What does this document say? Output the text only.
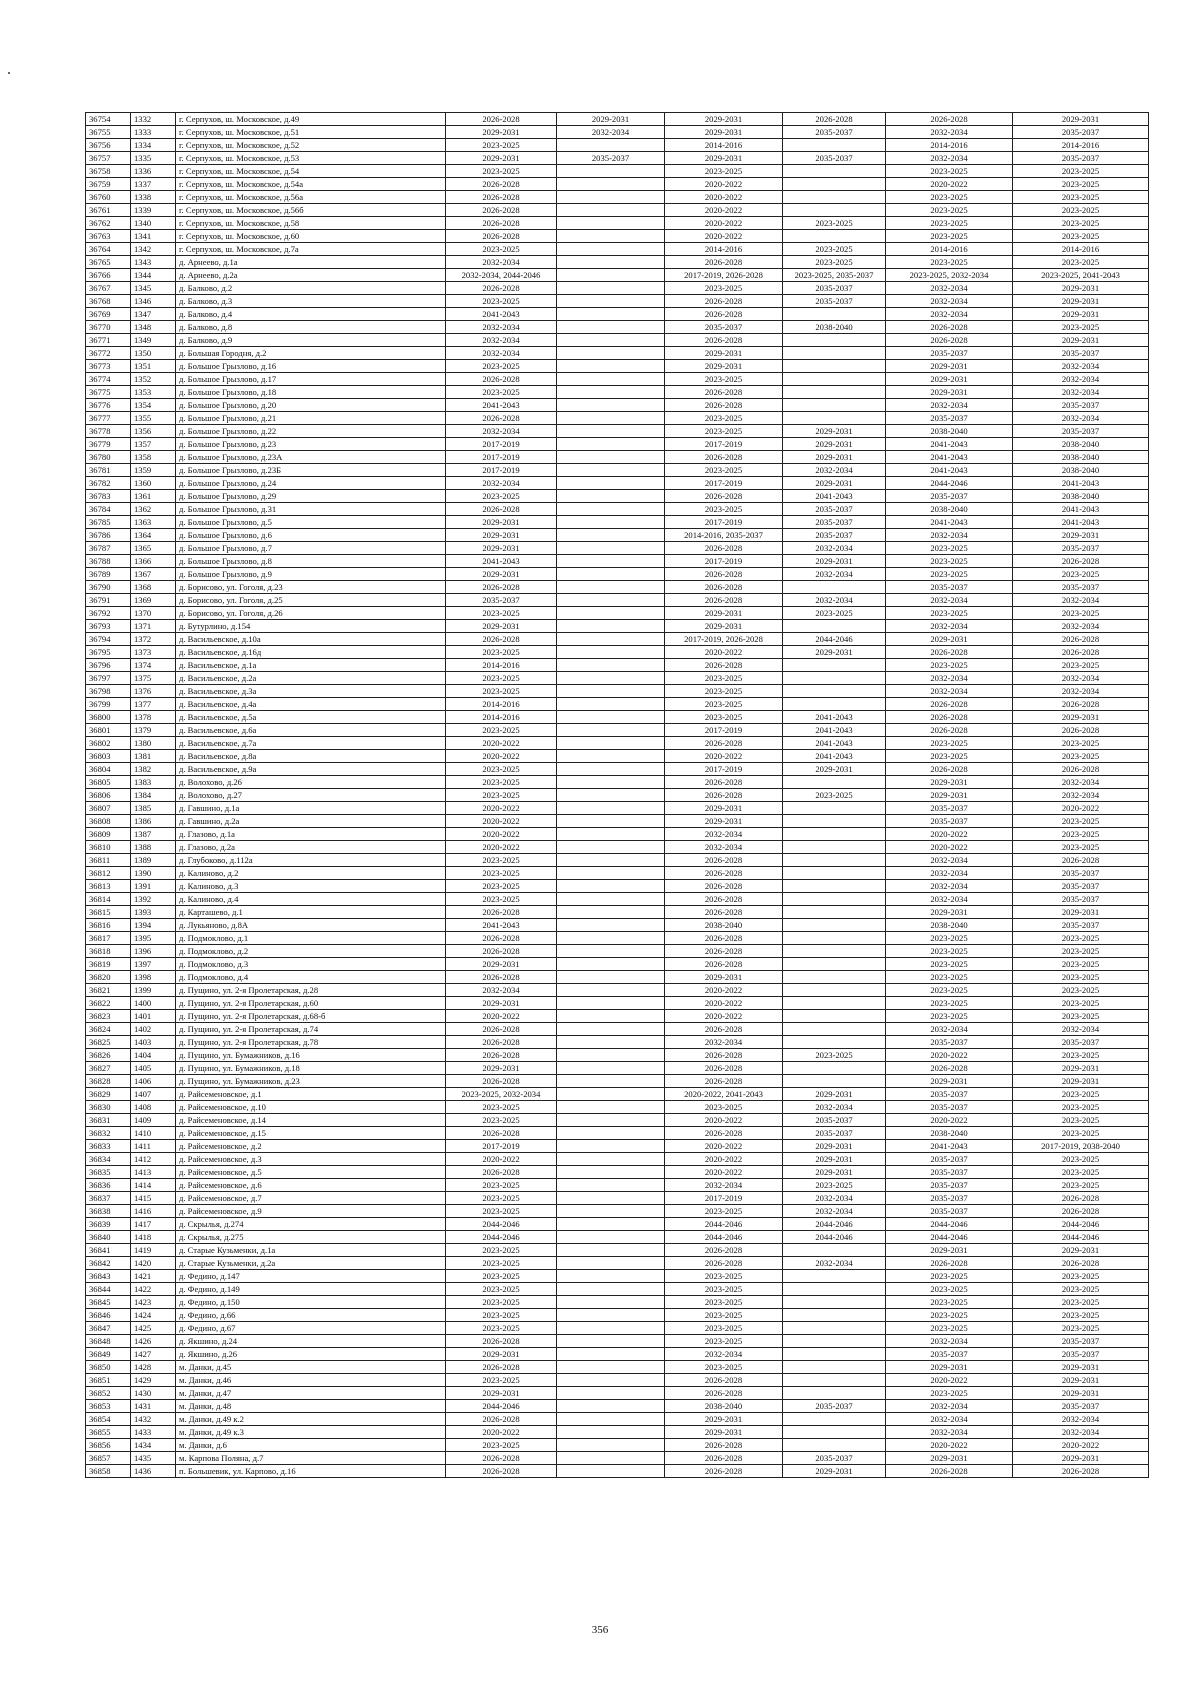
36754	1332	г. Серпухов, ш. Московское, д.49	2026-2028	2029-2031	2029-2031	2026-2028	2026-2028	2029-2031
36755	1333	г. Серпухов, ш. Московское, д.51	2029-2031	2032-2034	2029-2031	2035-2037	2032-2034	2035-2037
36756	1334	г. Серпухов, ш. Московское, д.52	2023-2025		2014-2016		2014-2016	2014-2016
36757	1335	г. Серпухов, ш. Московское, д.53	2029-2031	2035-2037	2029-2031	2035-2037	2032-2034	2035-2037
36758	1336	г. Серпухов, ш. Московское, д.54	2023-2025		2023-2025		2023-2025	2023-2025
36759	1337	г. Серпухов, ш. Московское, д.54а	2026-2028		2020-2022		2020-2022	2023-2025
36760	1338	г. Серпухов, ш. Московское, д.56а	2026-2028		2020-2022		2023-2025	2023-2025
36761	1339	г. Серпухов, ш. Московское, д.56б	2026-2028		2020-2022		2023-2025	2023-2025
36762	1340	г. Серпухов, ш. Московское, д.58	2026-2028		2020-2022	2023-2025	2023-2025	2023-2025
36763	1341	г. Серпухов, ш. Московское, д.60	2026-2028		2020-2022		2023-2025	2023-2025
36764	1342	г. Серпухов, ш. Московское, д.7а	2023-2025		2014-2016	2023-2025	2014-2016	2014-2016
36765	1343	д. Арнеево, д.1а	2032-2034		2026-2028	2023-2025	2023-2025	2023-2025
36766	1344	д. Арнеево, д.2а	2032-2034, 2044-2046		2017-2019, 2026-2028	2023-2025, 2035-2037	2023-2025, 2032-2034	2023-2025, 2041-2043
36767	1345	д. Балково, д.2	2026-2028		2023-2025	2035-2037	2032-2034	2029-2031
36768	1346	д. Балково, д.3	2023-2025		2026-2028	2035-2037	2032-2034	2029-2031
36769	1347	д. Балково, д.4	2041-2043		2026-2028		2032-2034	2029-2031
36770	1348	д. Балково, д.8	2032-2034		2035-2037	2038-2040	2026-2028	2023-2025
36771	1349	д. Балково, д.9	2032-2034		2026-2028		2026-2028	2029-2031
36772	1350	д. Большая Городня, д.2	2032-2034		2029-2031		2035-2037	2035-2037
36773	1351	д. Большое Грызлово, д.16	2023-2025		2029-2031		2029-2031	2032-2034
36774	1352	д. Большое Грызлово, д.17	2026-2028		2023-2025		2029-2031	2032-2034
36775	1353	д. Большое Грызлово, д.18	2023-2025		2026-2028		2029-2031	2032-2034
36776	1354	д. Большое Грызлово, д.20	2041-2043		2026-2028		2032-2034	2035-2037
36777	1355	д. Большое Грызлово, д.21	2026-2028		2023-2025		2035-2037	2032-2034
36778	1356	д. Большое Грызлово, д.22	2032-2034		2023-2025	2029-2031	2038-2040	2035-2037
36779	1357	д. Большое Грызлово, д.23	2017-2019		2017-2019	2029-2031	2041-2043	2038-2040
36780	1358	д. Большое Грызлово, д.23А	2017-2019		2026-2028	2029-2031	2041-2043	2038-2040
36781	1359	д. Большое Грызлово, д.23Б	2017-2019		2023-2025	2032-2034	2041-2043	2038-2040
36782	1360	д. Большое Грызлово, д.24	2032-2034		2017-2019	2029-2031	2044-2046	2041-2043
36783	1361	д. Большое Грызлово, д.29	2023-2025		2026-2028	2041-2043	2035-2037	2038-2040
36784	1362	д. Большое Грызлово, д.31	2026-2028		2023-2025	2035-2037	2038-2040	2041-2043
36785	1363	д. Большое Грызлово, д.5	2029-2031		2017-2019	2035-2037	2041-2043	2041-2043
36786	1364	д. Большое Грызлово, д.6	2029-2031		2014-2016, 2035-2037	2035-2037	2032-2034	2029-2031
36787	1365	д. Большое Грызлово, д.7	2029-2031		2026-2028	2032-2034	2023-2025	2035-2037
36788	1366	д. Большое Грызлово, д.8	2041-2043		2017-2019	2029-2031	2023-2025	2026-2028
36789	1367	д. Большое Грызлово, д.9	2029-2031		2026-2028	2032-2034	2023-2025	2023-2025
36790	1368	д. Борисово, ул. Гоголя, д.23	2026-2028		2026-2028		2035-2037	2035-2037
36791	1369	д. Борисово, ул. Гоголя, д.25	2035-2037		2026-2028	2032-2034	2032-2034	2032-2034
36792	1370	д. Борисово, ул. Гоголя, д.26	2023-2025		2029-2031	2023-2025	2023-2025	2023-2025
36793	1371	д. Бутурлино, д.154	2029-2031		2029-2031		2032-2034	2032-2034
36794	1372	д. Васильевское, д.10а	2026-2028		2017-2019, 2026-2028	2044-2046	2029-2031	2026-2028
36795	1373	д. Васильевское, д.16д	2023-2025		2020-2022	2029-2031	2026-2028	2026-2028
36796	1374	д. Васильевское, д.1а	2014-2016		2026-2028		2023-2025	2023-2025
36797	1375	д. Васильевское, д.2а	2023-2025		2023-2025		2032-2034	2032-2034
36798	1376	д. Васильевское, д.3а	2023-2025		2023-2025		2032-2034	2032-2034
36799	1377	д. Васильевское, д.4а	2014-2016		2023-2025		2026-2028	2026-2028
36800	1378	д. Васильевское, д.5а	2014-2016		2023-2025	2041-2043	2026-2028	2029-2031
36801	1379	д. Васильевское, д.6а	2023-2025		2017-2019	2041-2043	2026-2028	2026-2028
36802	1380	д. Васильевское, д.7а	2020-2022		2026-2028	2041-2043	2023-2025	2023-2025
36803	1381	д. Васильевское, д.8а	2020-2022		2020-2022	2041-2043	2023-2025	2023-2025
36804	1382	д. Васильевское, д.9а	2023-2025		2017-2019	2029-2031	2026-2028	2026-2028
36805	1383	д. Волохово, д.26	2023-2025		2026-2028		2029-2031	2032-2034
36806	1384	д. Волохово, д.27	2023-2025		2026-2028	2023-2025	2029-2031	2032-2034
36807	1385	д. Гавшино, д.1а	2020-2022		2029-2031		2035-2037	2020-2022
36808	1386	д. Гавшино, д.2а	2020-2022		2029-2031		2035-2037	2023-2025
36809	1387	д. Глазово, д.1а	2020-2022		2032-2034		2020-2022	2023-2025
36810	1388	д. Глазово, д.2а	2020-2022		2032-2034		2020-2022	2023-2025
36811	1389	д. Глубоково, д.112а	2023-2025		2026-2028		2032-2034	2026-2028
36812	1390	д. Калиново, д.2	2023-2025		2026-2028		2032-2034	2035-2037
36813	1391	д. Калиново, д.3	2023-2025		2026-2028		2032-2034	2035-2037
36814	1392	д. Калиново, д.4	2023-2025		2026-2028		2032-2034	2035-2037
36815	1393	д. Карташево, д.1	2026-2028		2026-2028		2029-2031	2029-2031
36816	1394	д. Лукьяново, д.8А	2041-2043		2038-2040		2038-2040	2035-2037
36817	1395	д. Подмоклово, д.1	2026-2028		2026-2028		2023-2025	2023-2025
36818	1396	д. Подмоклово, д.2	2026-2028		2026-2028		2023-2025	2023-2025
36819	1397	д. Подмоклово, д.3	2029-2031		2026-2028		2023-2025	2023-2025
36820	1398	д. Подмоклово, д.4	2026-2028		2029-2031		2023-2025	2023-2025
36821	1399	д. Пущино, ул. 2-я Пролетарская, д.28	2032-2034		2020-2022		2023-2025	2023-2025
36822	1400	д. Пущино, ул. 2-я Пролетарская, д.60	2029-2031		2020-2022		2023-2025	2023-2025
36823	1401	д. Пущино, ул. 2-я Пролетарская, д.68-б	2020-2022		2020-2022		2023-2025	2023-2025
36824	1402	д. Пущино, ул. 2-я Пролетарская, д.74	2026-2028		2026-2028		2032-2034	2032-2034
36825	1403	д. Пущино, ул. 2-я Пролетарская, д.78	2026-2028		2032-2034		2035-2037	2035-2037
36826	1404	д. Пущино, ул. Бумажников, д.16	2026-2028		2026-2028	2023-2025	2020-2022	2023-2025
36827	1405	д. Пущино, ул. Бумажников, д.18	2029-2031		2026-2028		2026-2028	2029-2031
36828	1406	д. Пущино, ул. Бумажников, д.23	2026-2028		2026-2028		2029-2031	2029-2031
36829	1407	д. Райсеменовское, д.1	2023-2025, 2032-2034		2020-2022, 2041-2043	2029-2031	2035-2037	2023-2025
36830	1408	д. Райсеменовское, д.10	2023-2025		2023-2025	2032-2034	2035-2037	2023-2025
36831	1409	д. Райсеменовское, д.14	2023-2025		2020-2022	2035-2037	2020-2022	2023-2025
36832	1410	д. Райсеменовское, д.15	2026-2028		2026-2028	2035-2037	2038-2040	2023-2025
36833	1411	д. Райсеменовское, д.2	2017-2019		2020-2022	2029-2031	2041-2043	2017-2019, 2038-2040
36834	1412	д. Райсеменовское, д.3	2020-2022		2020-2022	2029-2031	2035-2037	2023-2025
36835	1413	д. Райсеменовское, д.5	2026-2028		2020-2022	2029-2031	2035-2037	2023-2025
36836	1414	д. Райсеменовское, д.6	2023-2025		2032-2034	2023-2025	2035-2037	2023-2025
36837	1415	д. Райсеменовское, д.7	2023-2025		2017-2019	2032-2034	2035-2037	2026-2028
36838	1416	д. Райсеменовское, д.9	2023-2025		2023-2025	2032-2034	2035-2037	2026-2028
36839	1417	д. Скрылья, д.274	2044-2046		2044-2046	2044-2046	2044-2046	2044-2046
36840	1418	д. Скрылья, д.275	2044-2046		2044-2046	2044-2046	2044-2046	2044-2046
36841	1419	д. Старые Кузьменки, д.1а	2023-2025		2026-2028		2029-2031	2029-2031
36842	1420	д. Старые Кузьменки, д.2а	2023-2025		2026-2028	2032-2034	2026-2028	2026-2028
36843	1421	д. Федино, д.147	2023-2025		2023-2025		2023-2025	2023-2025
36844	1422	д. Федино, д.149	2023-2025		2023-2025		2023-2025	2023-2025
36845	1423	д. Федино, д.150	2023-2025		2023-2025		2023-2025	2023-2025
36846	1424	д. Федино, д.66	2023-2025		2023-2025		2023-2025	2023-2025
36847	1425	д. Федино, д.67	2023-2025		2023-2025		2023-2025	2023-2025
36848	1426	д. Якшино, д.24	2026-2028		2023-2025		2032-2034	2035-2037
36849	1427	д. Якшино, д.26	2029-2031		2032-2034		2035-2037	2035-2037
36850	1428	м. Данки, д.45	2026-2028		2023-2025		2029-2031	2029-2031
36851	1429	м. Данки, д.46	2023-2025		2026-2028		2020-2022	2029-2031
36852	1430	м. Данки, д.47	2029-2031		2026-2028		2023-2025	2029-2031
36853	1431	м. Данки, д.48	2044-2046		2038-2040	2035-2037	2032-2034	2035-2037
36854	1432	м. Данки, д.49 к.2	2026-2028		2029-2031		2032-2034	2032-2034
36855	1433	м. Данки, д.49 к.3	2020-2022		2029-2031		2032-2034	2032-2034
36856	1434	м. Данки, д.6	2023-2025		2026-2028		2020-2022	2020-2022
36857	1435	м. Карпова Поляна, д.7	2026-2028		2026-2028	2035-2037	2029-2031	2029-2031
36858	1436	п. Большевик, ул. Карпово, д.16	2026-2028		2026-2028	2029-2031	2026-2028	2026-2028
356
